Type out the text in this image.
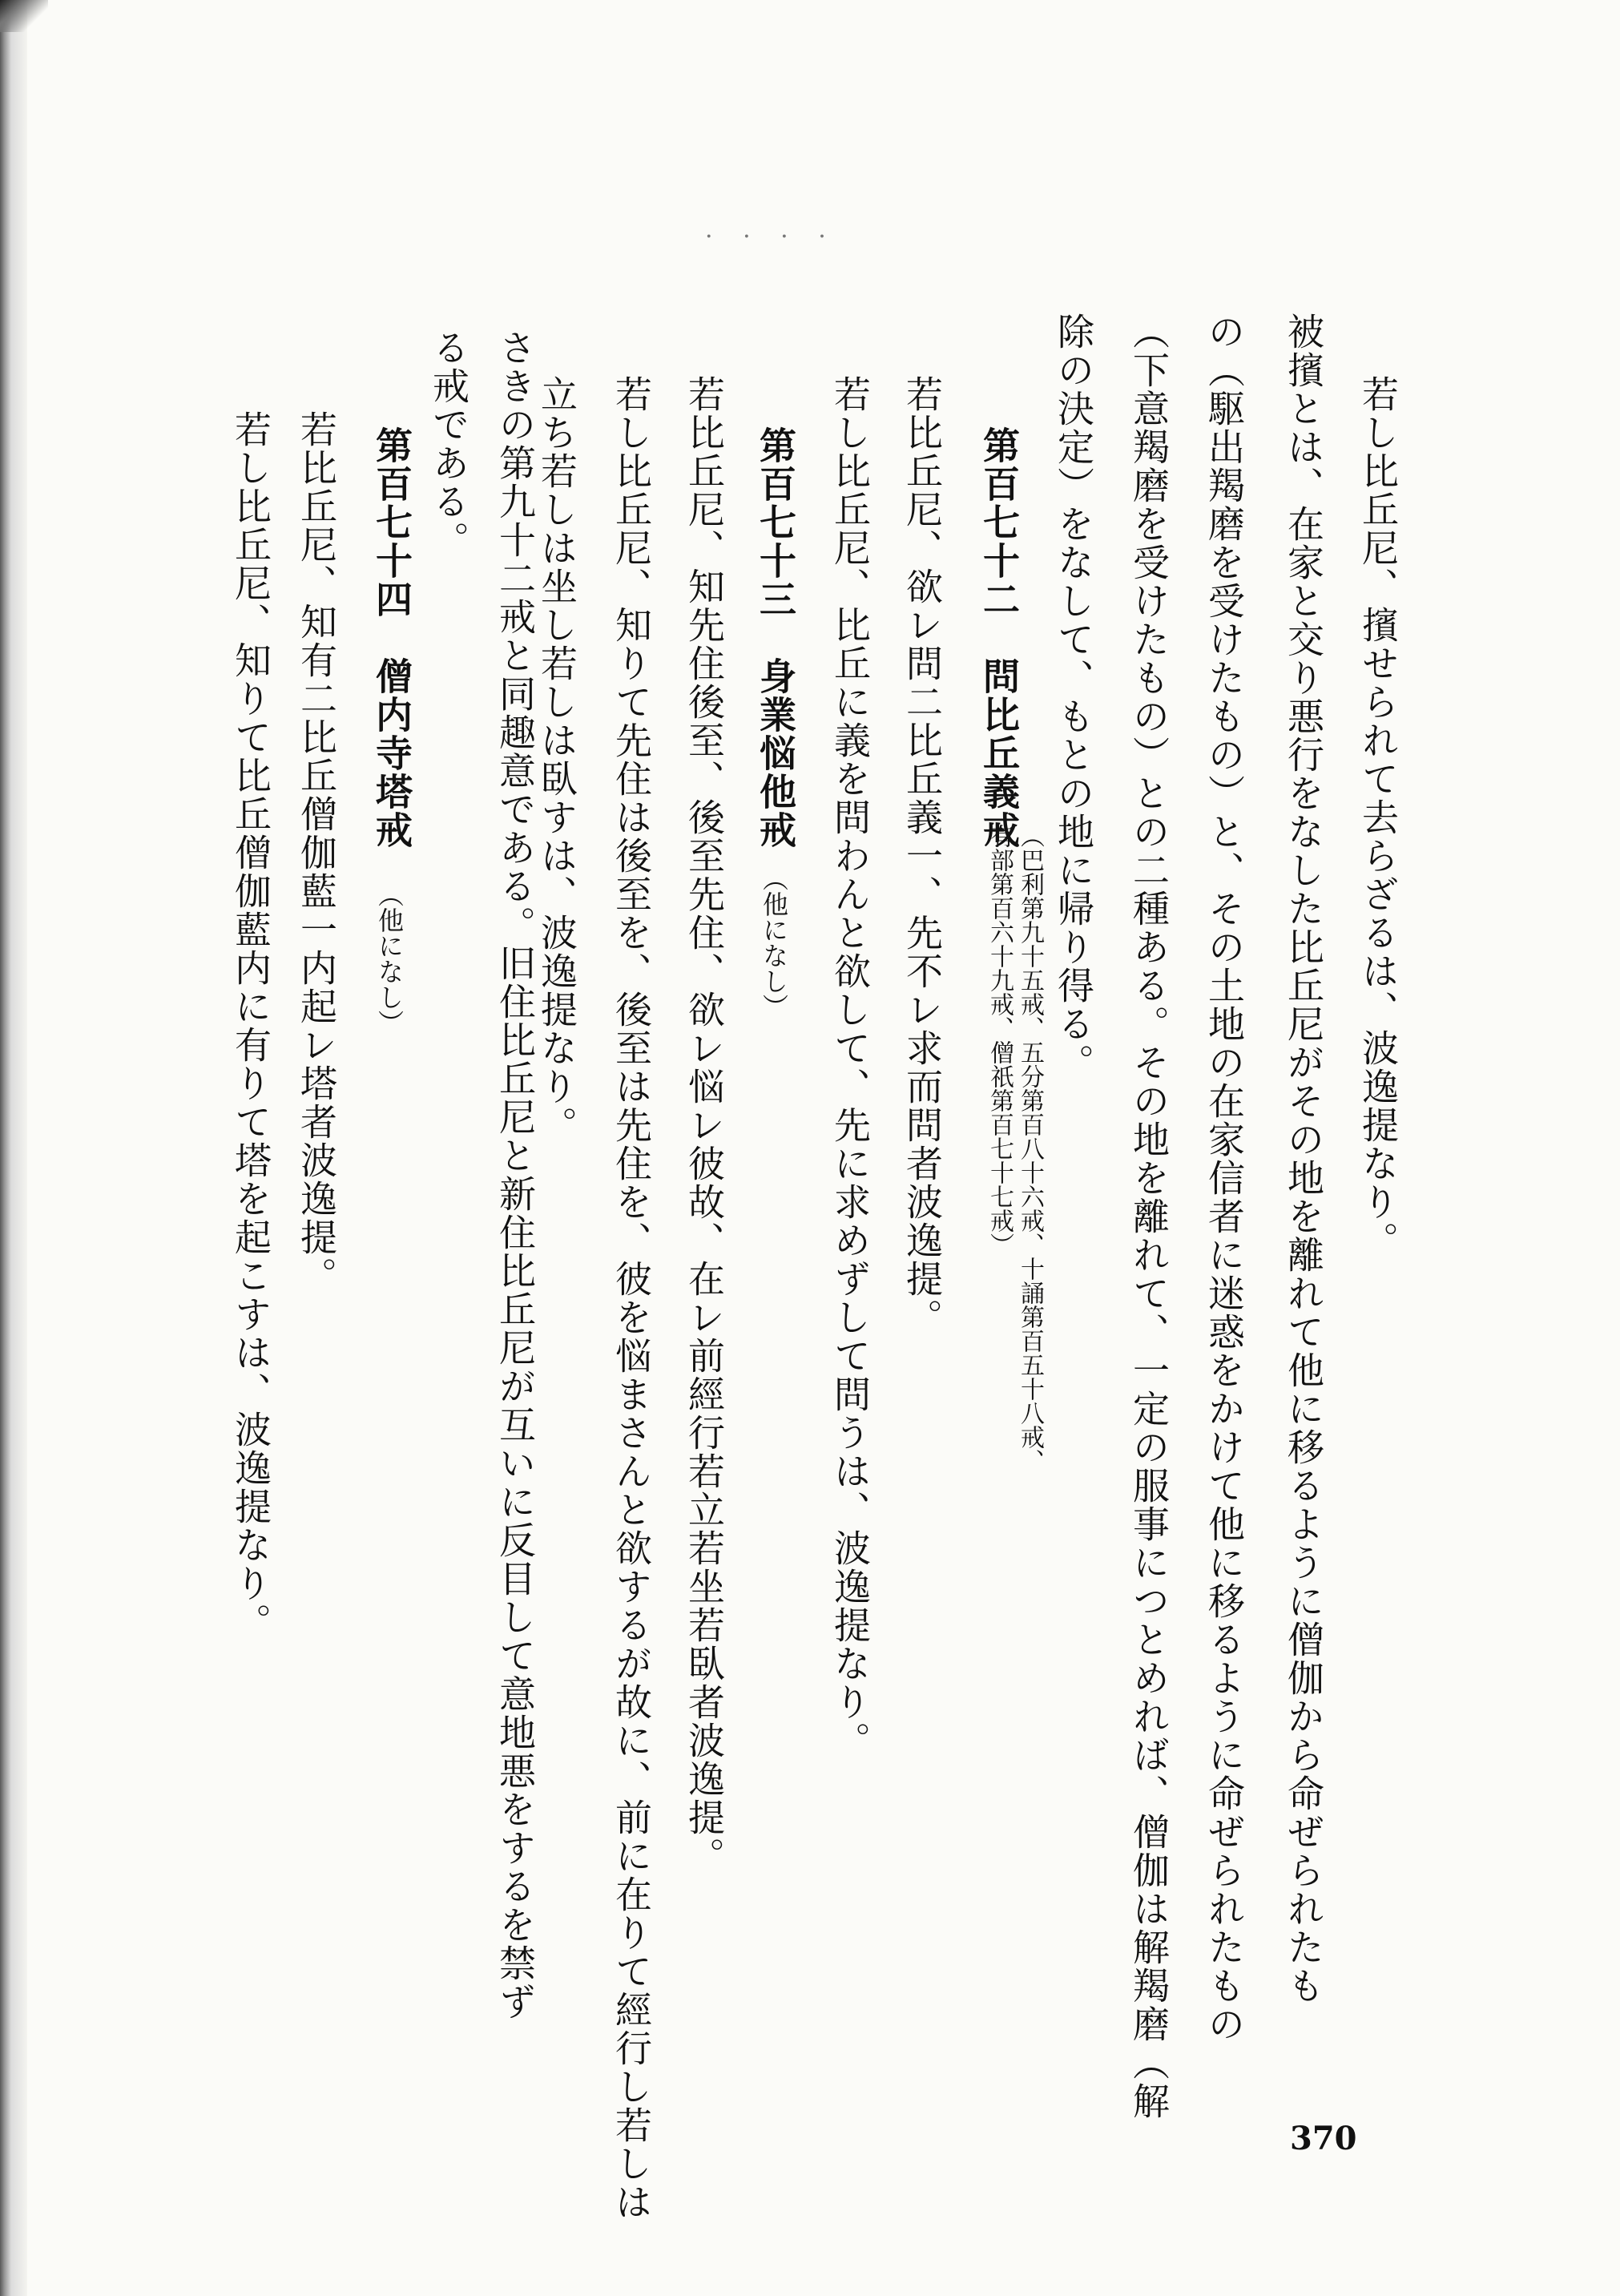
· · · ·
若し比丘尼、擯せられて去らざるは、波逸提なり。
被擯とは、在家と交り悪行をなした比丘尼がその地を離れて他に移るように僧伽から命ぜられたも
の（駆出羯磨を受けたもの）と、その土地の在家信者に迷惑をかけて他に移るように命ぜられたもの
（下意羯磨を受けたもの）との二種ある。その地を離れて、一定の服事につとめれば、僧伽は解羯磨（解
除の決定）をなして、もとの地に帰り得る。
第百七十二　問比丘義戒
（巴利第九十五戒、五分第百八十六戒、十誦第百五十八戒、
有部第百六十九戒、僧祇第百七十七戒）
若比丘尼、欲レ問二比丘義一、先不レ求而問者波逸提。
若し比丘尼、比丘に義を問わんと欲して、先に求めずして問うは、波逸提なり。
第百七十三　身業悩他戒
（他になし）
若比丘尼、知先住後至、後至先住、欲レ悩レ彼故、在レ前經行若立若坐若臥者波逸提。
若し比丘尼、知りて先住は後至を、後至は先住を、彼を悩まさんと欲するが故に、前に在りて經行し若しは
立ち若しは坐し若しは臥すは、波逸提なり。
さきの第九十二戒と同趣意である。旧住比丘尼と新住比丘尼が互いに反目して意地悪をするを禁ず
る戒である。
第百七十四　僧内寺塔戒
（他になし）
若比丘尼、知有二比丘僧伽藍一内起レ塔者波逸提。
若し比丘尼、知りて比丘僧伽藍内に有りて塔を起こすは、波逸提なり。
370
